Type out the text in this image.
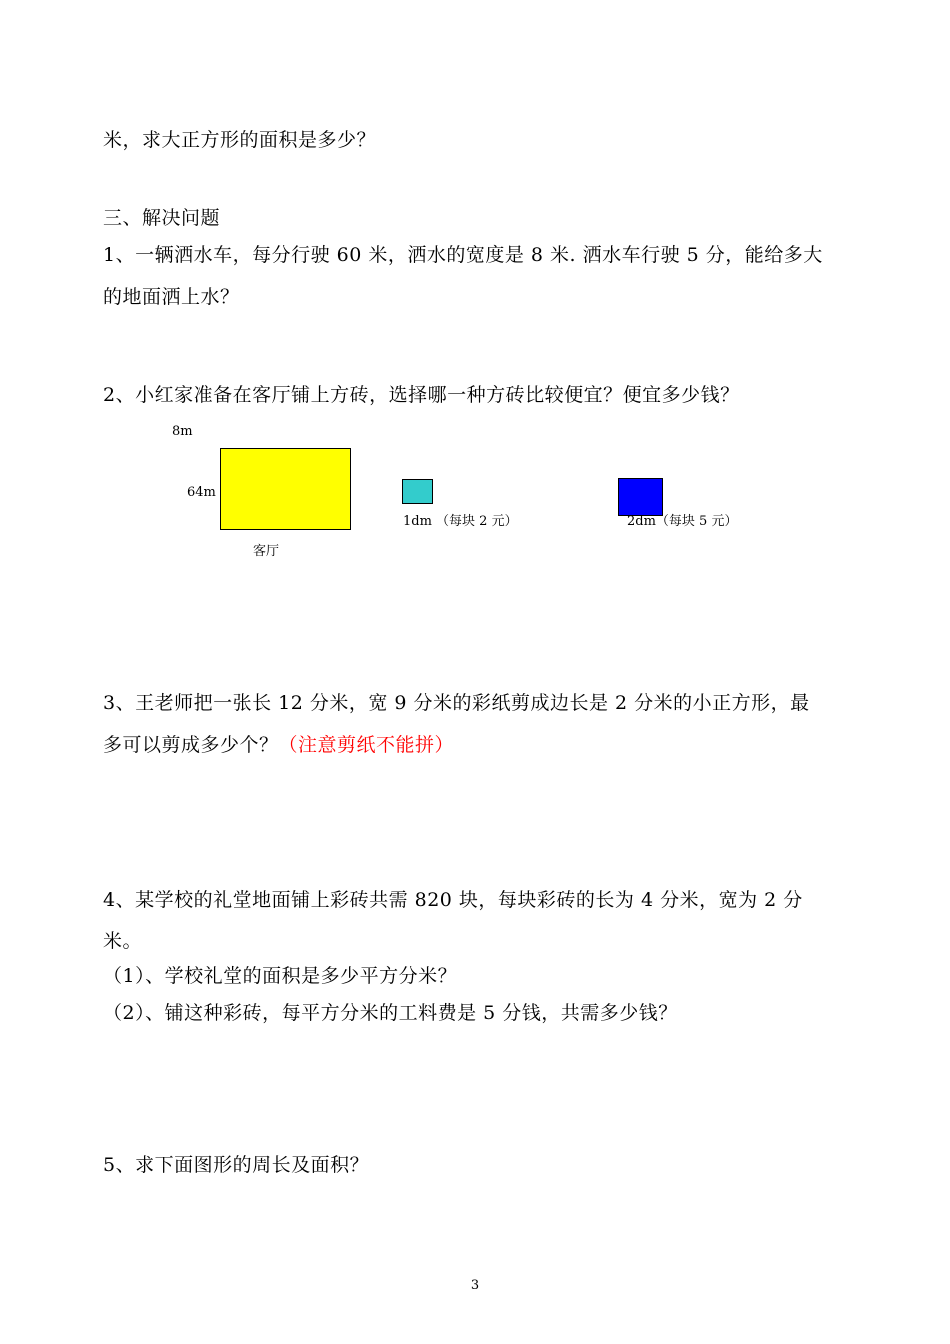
米，求大正方形的面积是多少？
三、解决问题
1、一辆洒水车，每分行驶 60 米，洒水的宽度是 8 米. 洒水车行驶 5 分，能给多大
的地面洒上水？
2、小红家准备在客厅铺上方砖，选择哪一种方砖比较便宜？便宜多少钱？
8m
64m
客厅
1dm （每块 2 元）	2dm（每块 5 元）
3、王老师把一张长 12 分米，宽 9 分米的彩纸剪成边长是 2 分米的小正方形，最
多可以剪成多少个？（注意剪纸不能拼）
4、某学校的礼堂地面铺上彩砖共需 820 块，每块彩砖的长为 4 分米，宽为 2 分
米。
（1）、学校礼堂的面积是多少平方分米？
（2）、铺这种彩砖，每平方分米的工料费是 5 分钱，共需多少钱？
5、求下面图形的周长及面积？
3
